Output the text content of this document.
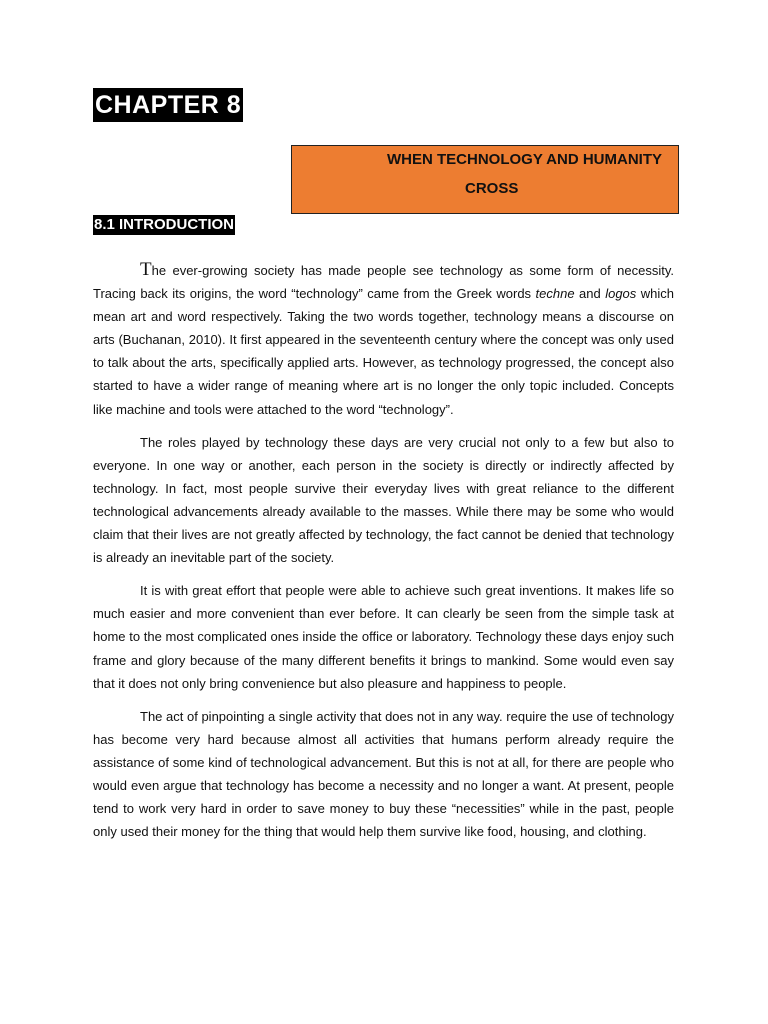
CHAPTER 8
WHEN TECHNOLOGY AND HUMANITY
CROSS
8.1 INTRODUCTION

The ever-growing society has made people see technology as some form of necessity. Tracing back its origins, the word “technology” came from the Greek words techne and logos which mean art and word respectively. Taking the two words together, technology means a discourse on arts (Buchanan, 2010). It first appeared in the seventeenth century where the concept was only used to talk about the arts, specifically applied arts. However, as technology progressed, the concept also started to have a wider range of meaning where art is no longer the only topic included. Concepts like machine and tools were attached to the word “technology”.

The roles played by technology these days are very crucial not only to a few but also to everyone. In one way or another, each person in the society is directly or indirectly affected by technology. In fact, most people survive their everyday lives with great reliance to the different technological advancements already available to the masses. While there may be some who would claim that their lives are not greatly affected by technology, the fact cannot be denied that technology is already an inevitable part of the society.

It is with great effort that people were able to achieve such great inventions. It makes life so much easier and more convenient than ever before. It can clearly be seen from the simple task at home to the most complicated ones inside the office or laboratory. Technology these days enjoy such frame and glory because of the many different benefits it brings to mankind. Some would even say that it does not only bring convenience but also pleasure and happiness to people.

The act of pinpointing a single activity that does not in any way. require the use of technology has become very hard because almost all activities that humans perform already require the assistance of some kind of technological advancement. But this is not at all, for there are people who would even argue that technology has become a necessity and no longer a want. At present, people tend to work very hard in order to save money to buy these “necessities” while in the past, people only used their money for the thing that would help them survive like food, housing, and clothing.
